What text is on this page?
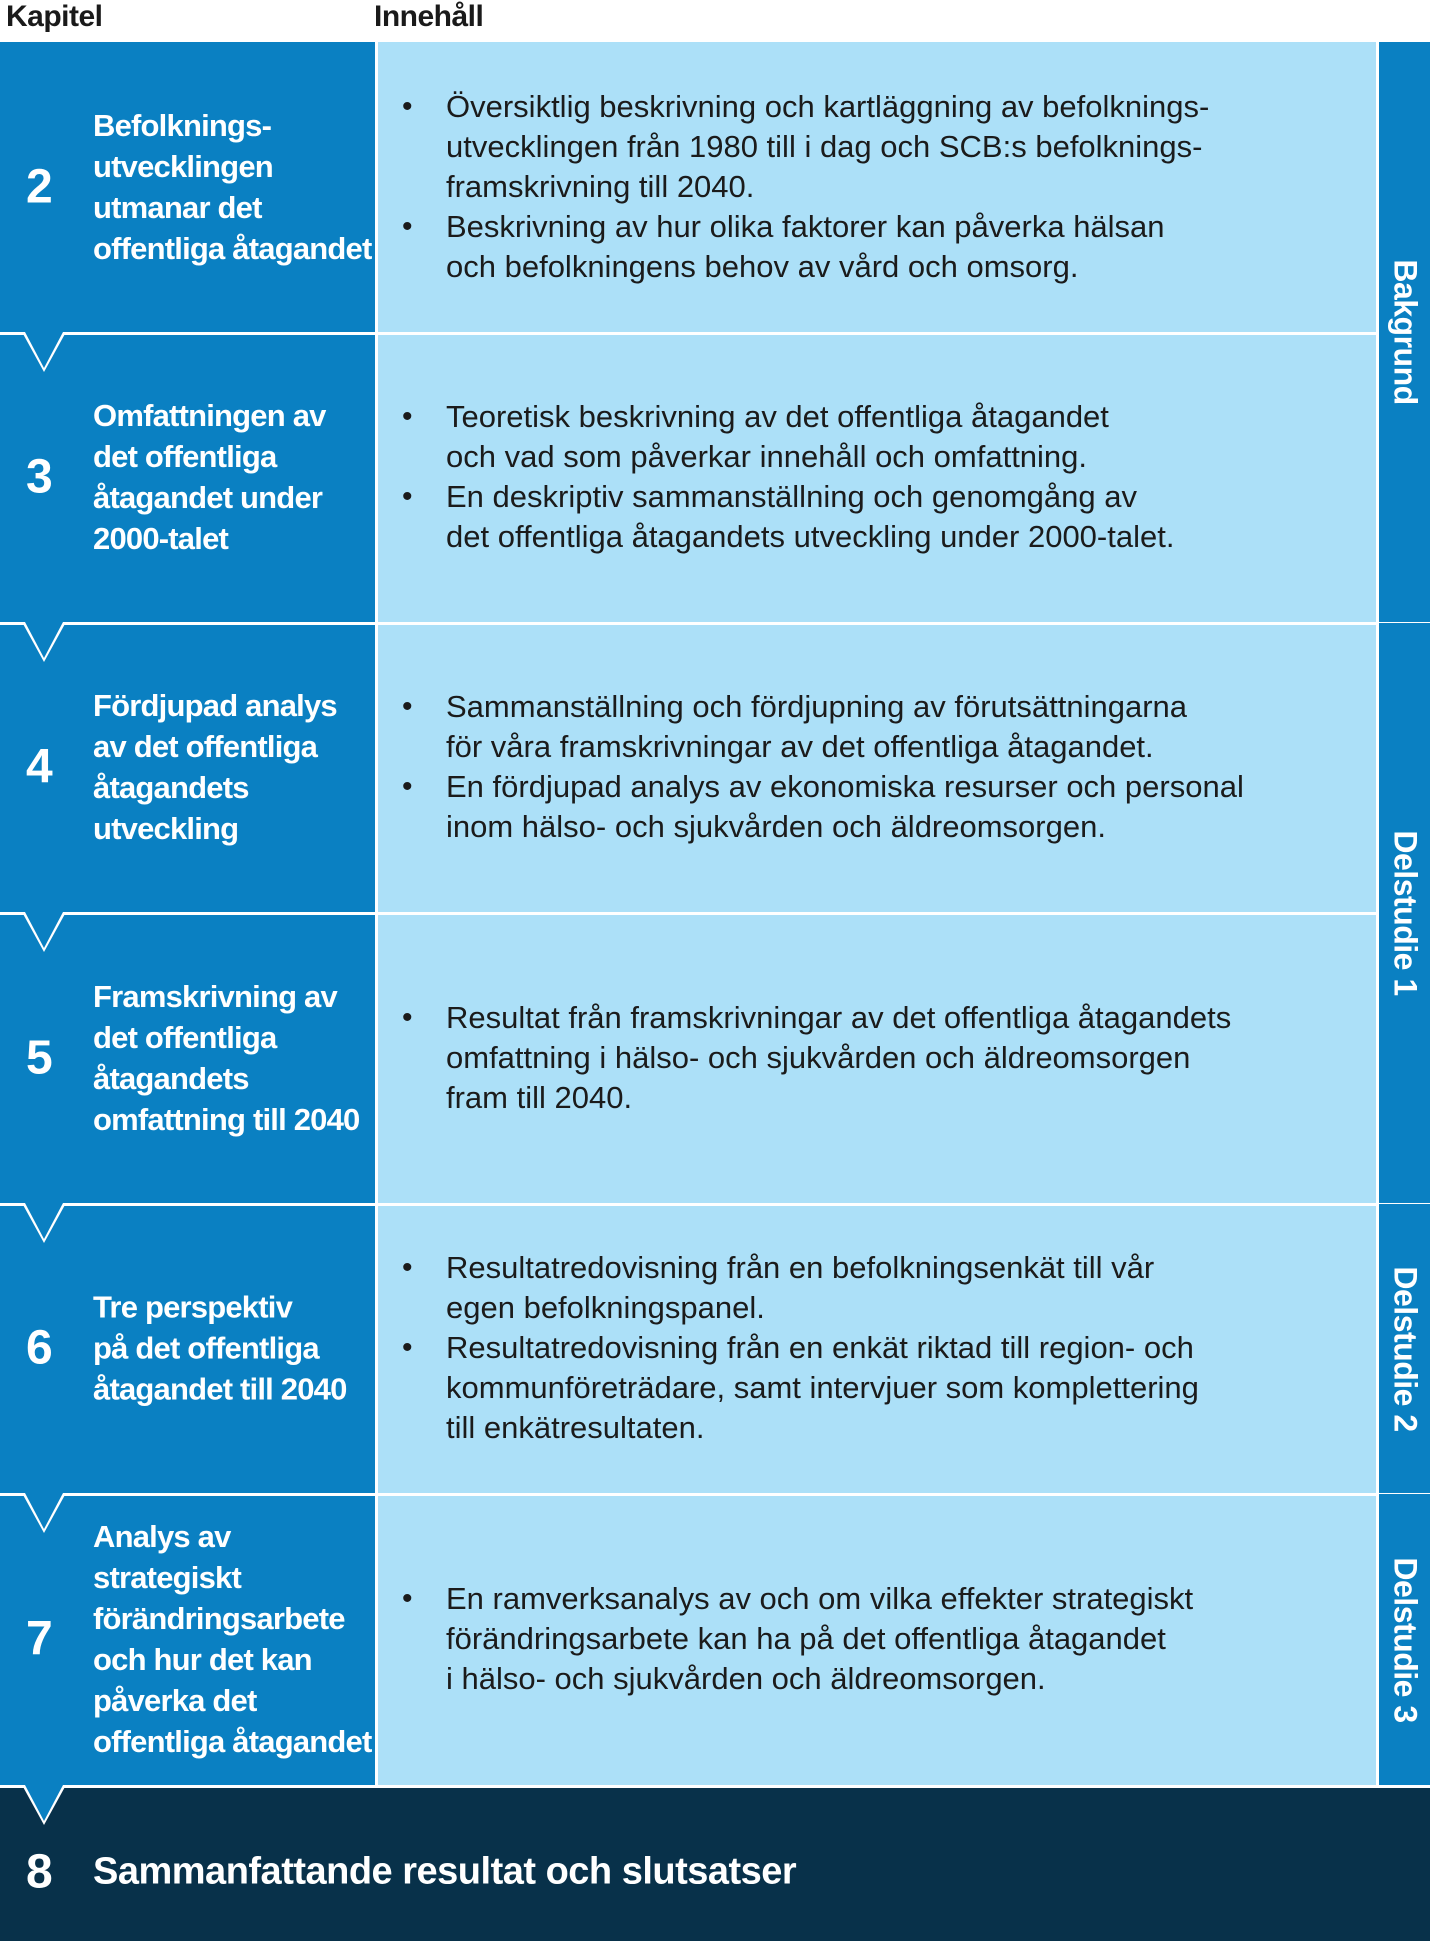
Kapitel	Innehåll
2
Befolknings-
utvecklingen
utmanar det
offentliga åtagandet
• Översiktlig beskrivning och kartläggning av befolknings-
utvecklingen från 1980 till i dag och SCB:s befolknings-
framskrivning till 2040.
• Beskrivning av hur olika faktorer kan påverka hälsan
och befolkningens behov av vård och omsorg.
3
Omfattningen av
det offentliga
åtagandet under
2000-talet
• Teoretisk beskrivning av det offentliga åtagandet
och vad som påverkar innehåll och omfattning.
• En deskriptiv sammanställning och genomgång av
det offentliga åtagandets utveckling under 2000-talet.
4
Fördjupad analys
av det offentliga
åtagandets
utveckling
• Sammanställning och fördjupning av förutsättningarna
för våra framskrivningar av det offentliga åtagandet.
• En fördjupad analys av ekonomiska resurser och personal
inom hälso- och sjukvården och äldreomsorgen.
5
Framskrivning av
det offentliga
åtagandets
omfattning till 2040
• Resultat från framskrivningar av det offentliga åtagandets
omfattning i hälso- och sjukvården och äldreomsorgen
fram till 2040.
6
Tre perspektiv
på det offentliga
åtagandet till 2040
• Resultatredovisning från en befolkningsenkät till vår
egen befolkningspanel.
• Resultatredovisning från en enkät riktad till region- och
kommunföreträdare, samt intervjuer som komplettering
till enkätresultaten.
7
Analys av
strategiskt
förändringsarbete
och hur det kan
påverka det
offentliga åtagandet
• En ramverksanalys av och om vilka effekter strategiskt
förändringsarbete kan ha på det offentliga åtagandet
i hälso- och sjukvården och äldreomsorgen.
Bakgrund
Delstudie 1
Delstudie 2
Delstudie 3
8 Sammanfattande resultat och slutsatser
